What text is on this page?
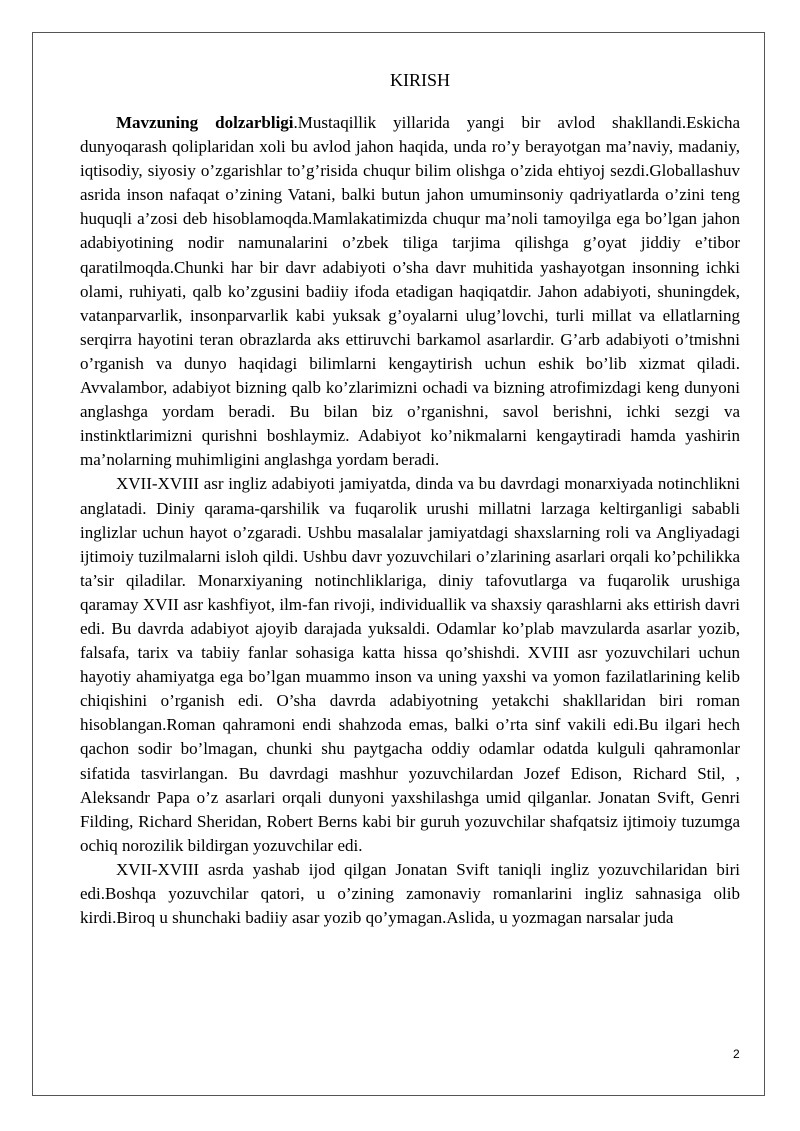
KIRISH

Mavzuning dolzarbligi.Mustaqillik yillarida yangi bir avlod shakllandi.Eskicha dunyoqarash qoliplaridan xoli bu avlod jahon haqida, unda ro’y berayotgan ma’naviy, madaniy, iqtisodiy, siyosiy o’zgarishlar to’g’risida chuqur bilim olishga o’zida ehtiyoj sezdi.Globallashuv asrida inson nafaqat o’zining Vatani, balki butun jahon umuminsoniy qadriyatlarda o’zini teng huquqli a’zosi deb hisoblamoqda.Mamlakatimizda chuqur ma’noli tamoyilga ega bo’lgan jahon adabiyotining nodir namunalarini o’zbek tiliga tarjima qilishga g’oyat jiddiy e’tibor qaratilmoqda.Chunki har bir davr adabiyoti o’sha davr muhitida yashayotgan insonning ichki olami, ruhiyati, qalb ko’zgusini badiiy ifoda etadigan haqiqatdir. Jahon adabiyoti, shuningdek, vatanparvarlik, insonparvarlik kabi yuksak g’oyalarni ulug’lovchi, turli millat va ellatlarning serqirra hayotini teran obrazlarda aks ettiruvchi barkamol asarlardir. G’arb adabiyoti o’tmishni o’rganish va dunyo haqidagi bilimlarni kengaytirish uchun eshik bo’lib xizmat qiladi. Avvalambor, adabiyot bizning qalb ko’zlarimizni ochadi va bizning atrofimizdagi keng dunyoni anglashga yordam beradi. Bu bilan biz o’rganishni, savol berishni, ichki sezgi va instinktlarimizni qurishni boshlaymiz. Adabiyot ko’nikmalarni kengaytiradi hamda yashirin ma’nolarning muhimligini anglashga yordam beradi.

XVII-XVIII asr ingliz adabiyoti jamiyatda, dinda va bu davrdagi monarxiyada notinchlikni anglatadi. Diniy qarama-qarshilik va fuqarolik urushi millatni larzaga keltirganligi sababli inglizlar uchun hayot o’zgaradi. Ushbu masalalar jamiyatdagi shaxslarning roli va Angliyadagi ijtimoiy tuzilmalarni isloh qildi. Ushbu davr yozuvchilari o’zlarining asarlari orqali ko’pchilikka ta’sir qiladilar. Monarxiyaning notinchliklariga, diniy tafovutlarga va fuqarolik urushiga qaramay XVII asr kashfiyot, ilm-fan rivoji, individuallik va shaxsiy qarashlarni aks ettirish davri edi. Bu davrda adabiyot ajoyib darajada yuksaldi. Odamlar ko’plab mavzularda asarlar yozib, falsafa, tarix va tabiiy fanlar sohasiga katta hissa qo’shishdi. XVIII asr yozuvchilari uchun hayotiy ahamiyatga ega bo’lgan muammo inson va uning yaxshi va yomon fazilatlarining kelib chiqishini o’rganish edi. O’sha davrda adabiyotning yetakchi shakllaridan biri roman hisoblangan.Roman qahramoni endi shahzoda emas, balki o’rta sinf vakili edi.Bu ilgari hech qachon sodir bo’lmagan, chunki shu paytgacha oddiy odamlar odatda kulguli qahramonlar sifatida tasvirlangan. Bu davrdagi mashhur yozuvchilardan Jozef Edison, Richard Stil, , Aleksandr Papa o’z asarlari orqali dunyoni yaxshilashga umid qilganlar. Jonatan Svift, Genri Filding, Richard Sheridan, Robert Berns kabi bir guruh yozuvchilar shafqatsiz ijtimoiy tuzumga ochiq norozilik bildirgan yozuvchilar edi.

XVII-XVIII asrda yashab ijod qilgan Jonatan Svift taniqli ingliz yozuvchilaridan biri edi.Boshqa yozuvchilar qatori, u o’zining zamonaviy romanlarini ingliz sahnasiga olib kirdi.Biroq u shunchaki badiiy asar yozib qo’ymagan.Aslida, u yozmagan narsalar juda

2
